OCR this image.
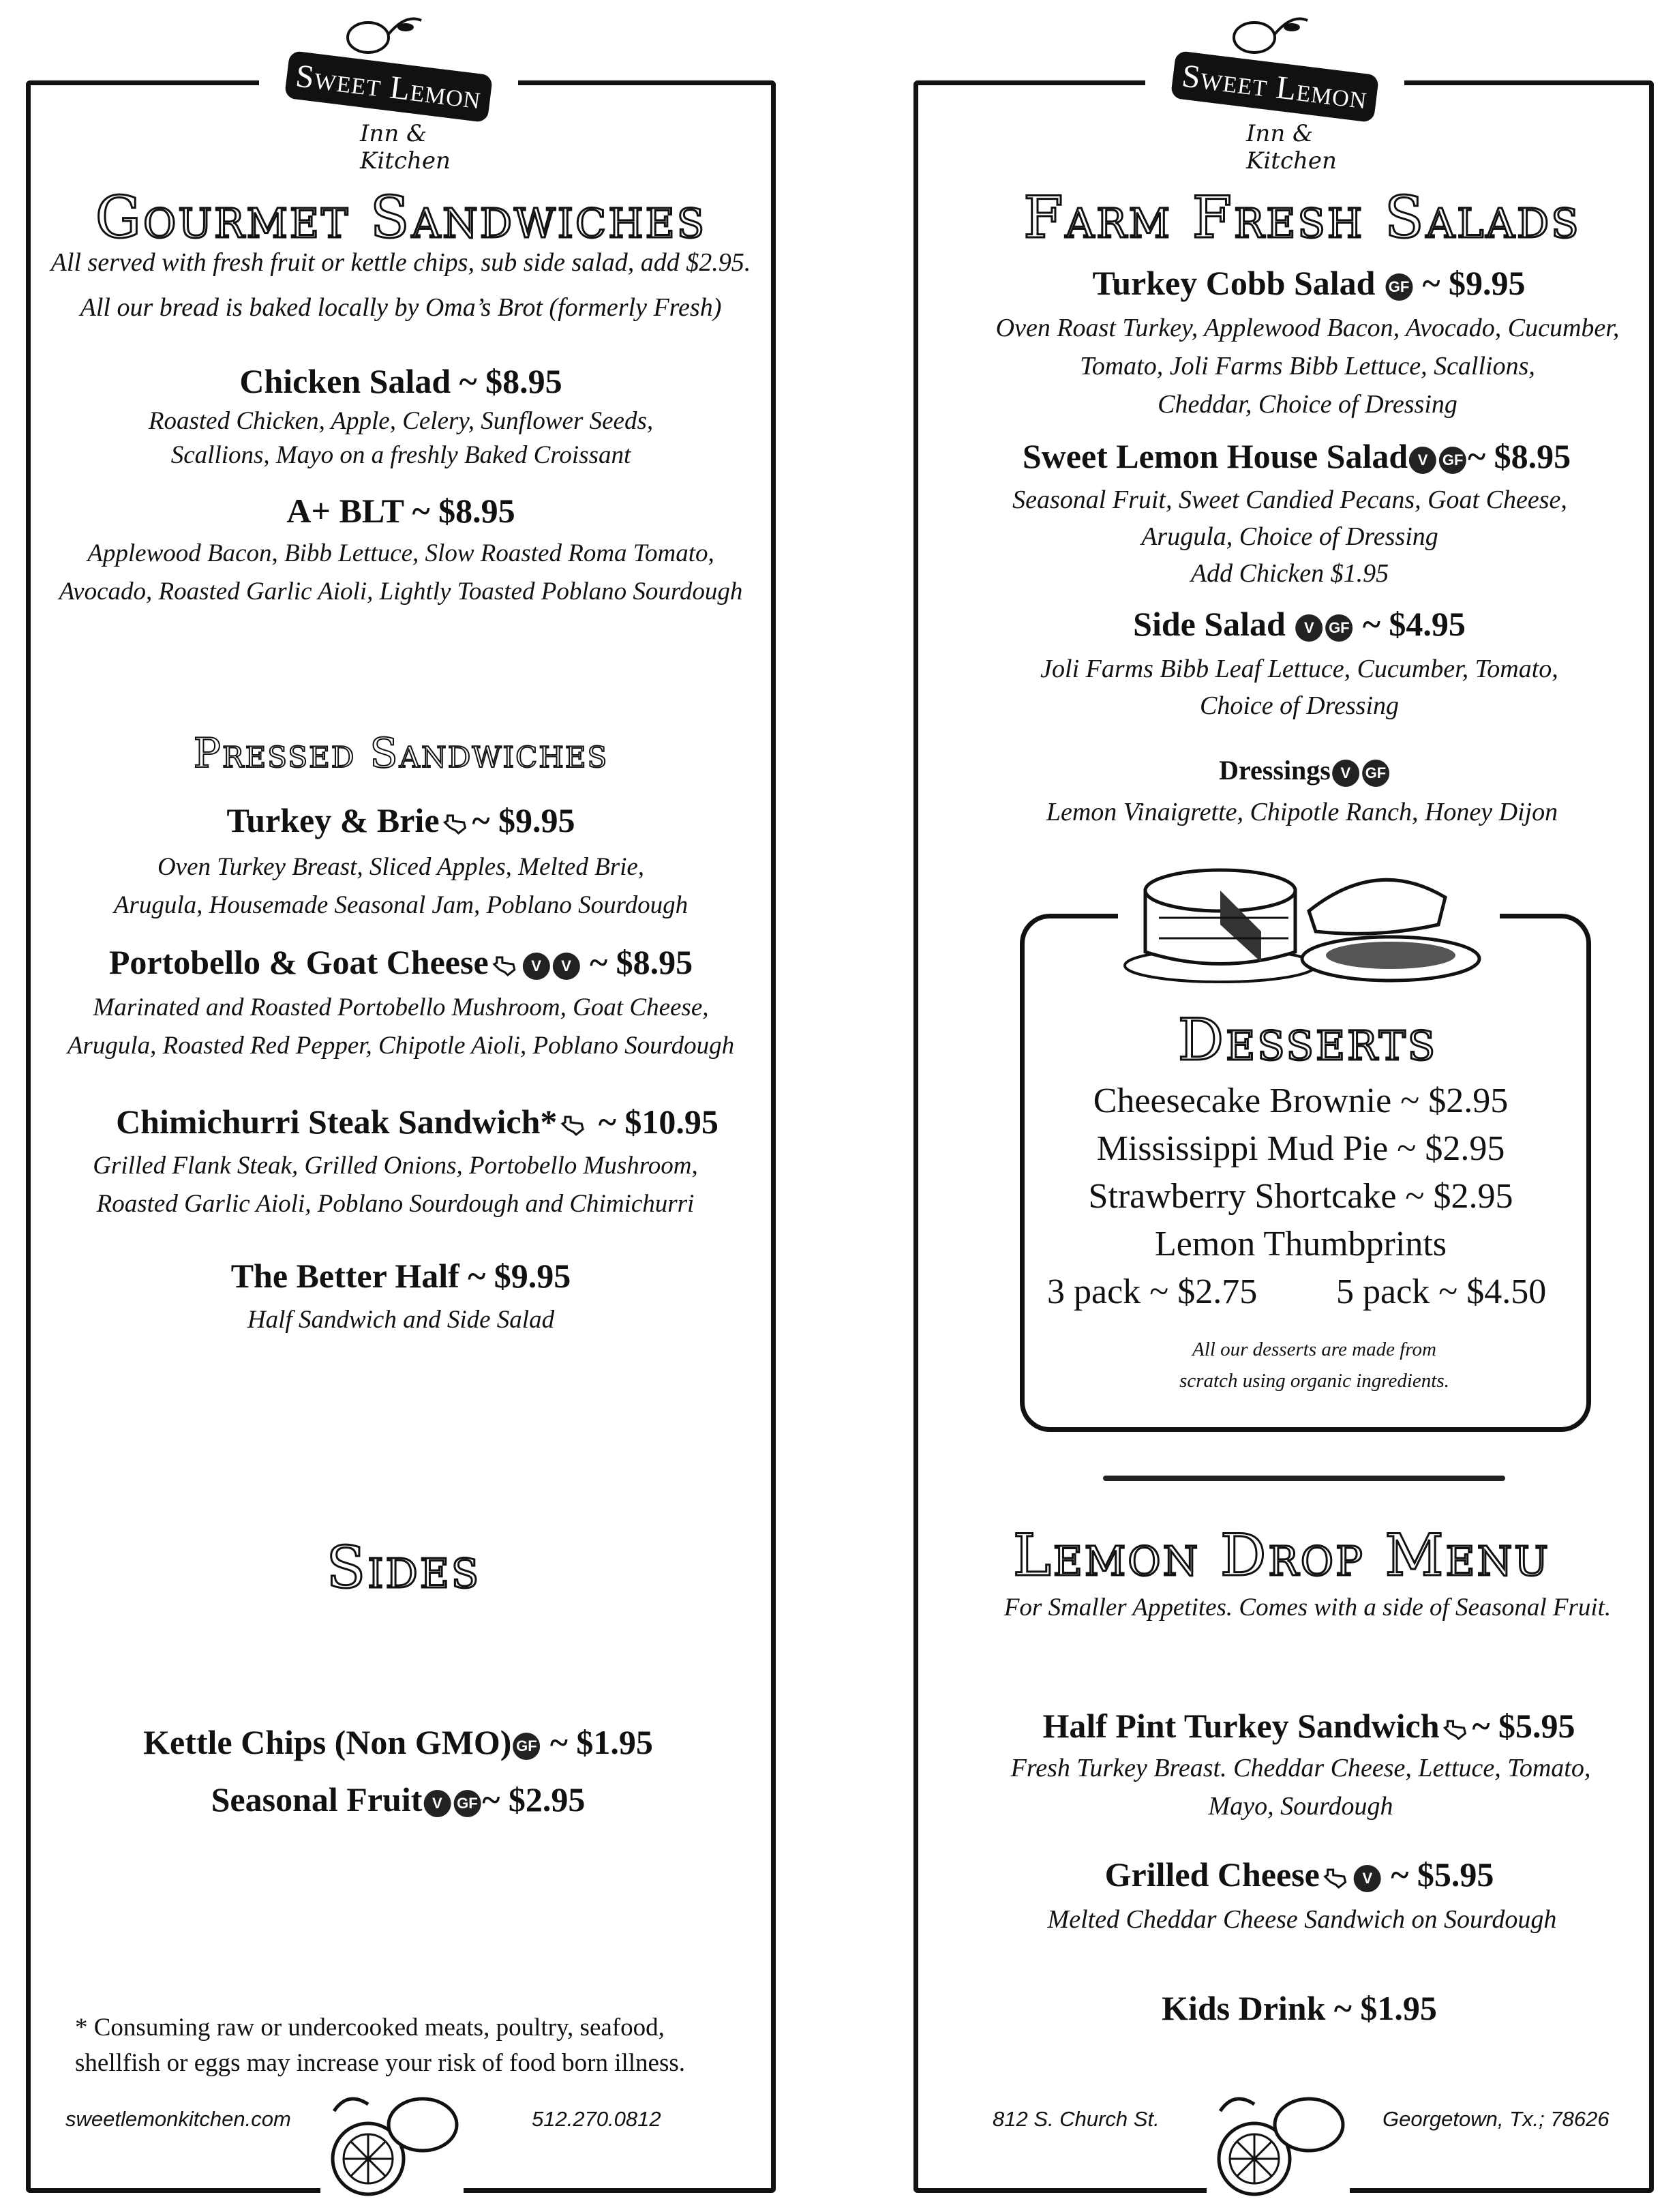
Sweet Lemon
Inn & Kitchen
Sweet Lemon
Inn & Kitchen
Gourmet Sandwiches
All served with fresh fruit or kettle chips, sub side salad, add $2.95.
All our bread is baked locally by Oma’s Brot (formerly Fresh)
Chicken Salad ~ $8.95
Roasted Chicken, Apple, Celery, Sunflower Seeds,
Scallions, Mayo on a freshly Baked Croissant
A+ BLT ~ $8.95
Applewood Bacon, Bibb Lettuce, Slow Roasted Roma Tomato,
Avocado, Roasted Garlic Aioli, Lightly Toasted Poblano Sourdough
Pressed Sandwiches
Turkey & Brie ~ $9.95
Oven Turkey Breast, Sliced Apples, Melted Brie,
Arugula, Housemade Seasonal Jam, Poblano Sourdough
Portobello & Goat Cheese	V V ~ $8.95
Marinated and Roasted Portobello Mushroom, Goat Cheese,
Arugula, Roasted Red Pepper, Chipotle Aioli, Poblano Sourdough
Chimichurri Steak Sandwich* ~ $10.95
Grilled Flank Steak, Grilled Onions, Portobello Mushroom,
Roasted Garlic Aioli, Poblano Sourdough and Chimichurri
The Better Half ~ $9.95
Half Sandwich and Side Salad
Sides
Kettle Chips (Non GMO) GF ~ $1.95
Seasonal Fruit V GF ~ $2.95
* Consuming raw or undercooked meats, poultry, seafood,
shellfish or eggs may increase your risk of food born illness.
sweetlemonkitchen.com	512.270.0812
Farm Fresh Salads
Turkey Cobb Salad GF ~ $9.95
Oven Roast Turkey, Applewood Bacon, Avocado, Cucumber,
Tomato, Joli Farms Bibb Lettuce, Scallions,
Cheddar, Choice of Dressing
Sweet Lemon House Salad V GF ~ $8.95
Seasonal Fruit, Sweet Candied Pecans, Goat Cheese,
Arugula, Choice of Dressing
Add Chicken $1.95
Side Salad V GF ~ $4.95
Joli Farms Bibb Leaf Lettuce, Cucumber, Tomato,
Choice of Dressing
Dressings V GF
Lemon Vinaigrette, Chipotle Ranch, Honey Dijon
Desserts
Cheesecake Brownie ~ $2.95
Mississippi Mud Pie ~ $2.95
Strawberry Shortcake ~ $2.95
Lemon Thumbprints
3 pack ~ $2.75 5 pack ~ $4.50
All our desserts are made from
scratch using organic ingredients.
Lemon Drop Menu
For Smaller Appetites. Comes with a side of Seasonal Fruit.
Half Pint Turkey Sandwich ~ $5.95
Fresh Turkey Breast. Cheddar Cheese, Lettuce, Tomato,
Mayo, Sourdough
Grilled Cheese	V ~ $5.95
Melted Cheddar Cheese Sandwich on Sourdough
Kids Drink ~ $1.95
812 S. Church St.	Georgetown, Tx.; 78626
